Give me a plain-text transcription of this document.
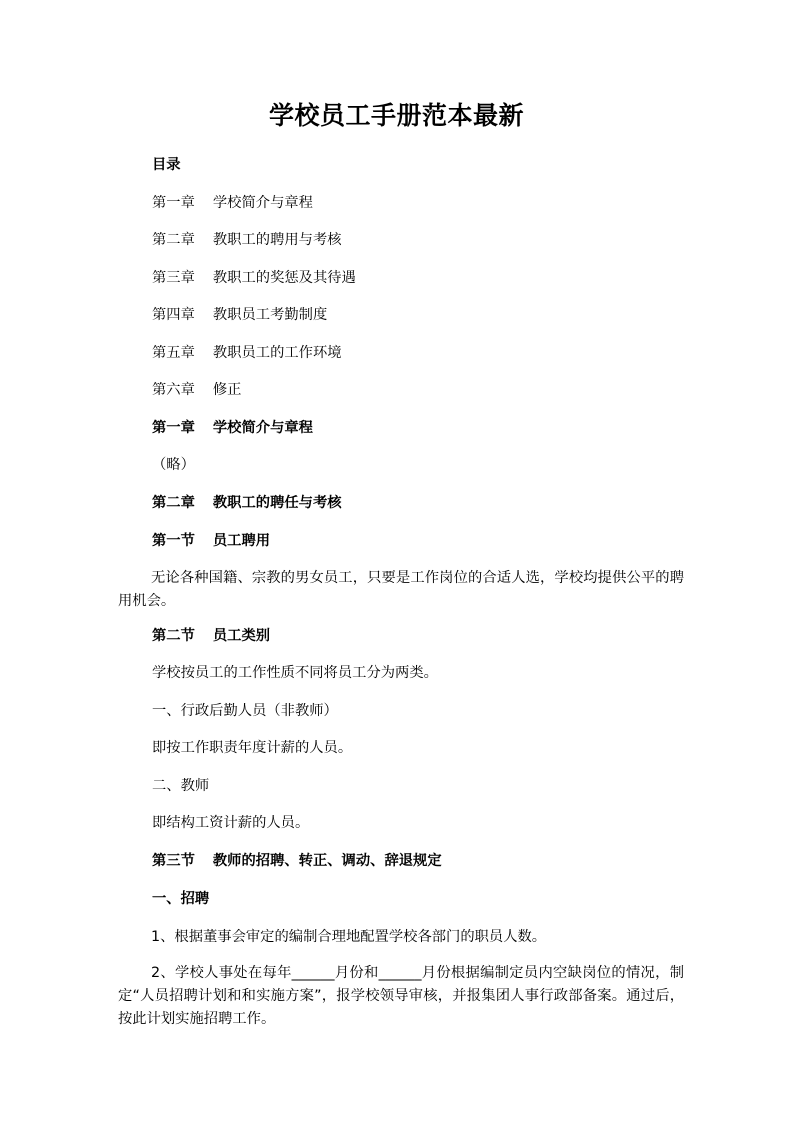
学校员工手册范本最新
目录
第一章 学校简介与章程
第二章 教职工的聘用与考核
第三章 教职工的奖惩及其待遇
第四章 教职员工考勤制度
第五章 教职员工的工作环境
第六章 修正
第一章 学校简介与章程
（略）
第二章 教职工的聘任与考核
第一节 员工聘用
无论各种国籍、宗教的男女员工，只要是工作岗位的合适人选，学校均提供公平的聘用机会。
第二节 员工类别
学校按员工的工作性质不同将员工分为两类。
一、行政后勤人员（非教师）
即按工作职责年度计薪的人员。
二、教师
即结构工资计薪的人员。
第三节 教师的招聘、转正、调动、辞退规定
一、招聘
1、根据董事会审定的编制合理地配置学校各部门的职员人数。
2、学校人事处在每年______月份和______月份根据编制定员内空缺岗位的情况，制定“人员招聘计划和和实施方案”，报学校领导审核，并报集团人事行政部备案。通过后，按此计划实施招聘工作。
